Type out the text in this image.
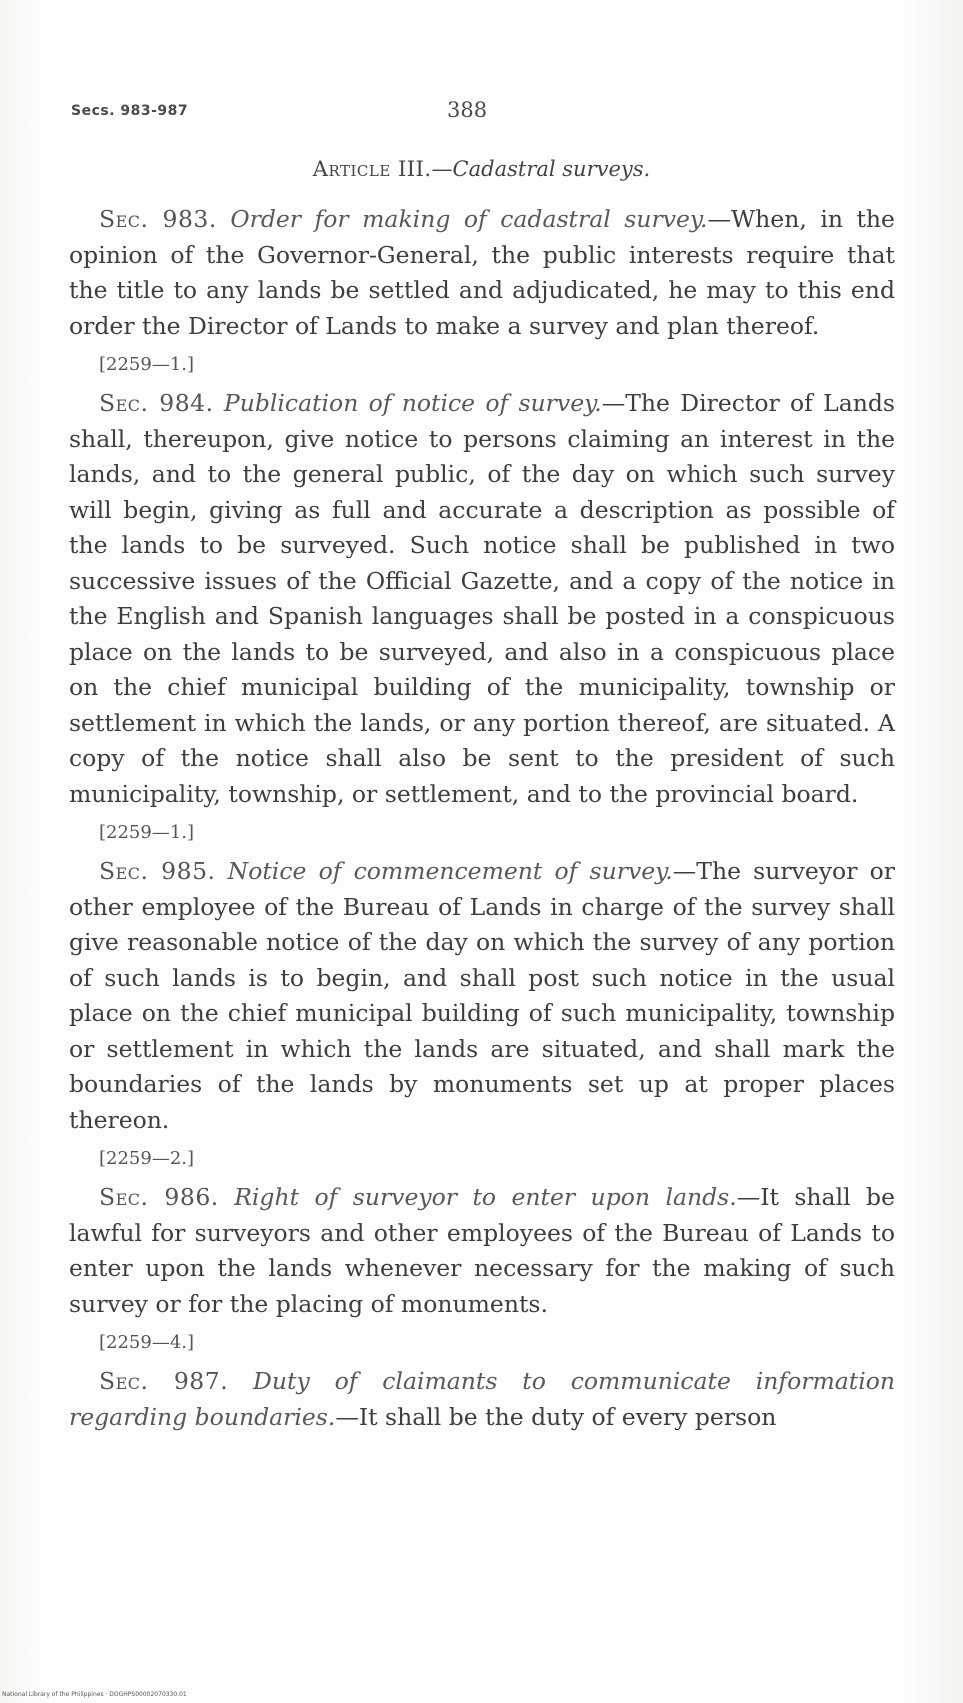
Secs. 983-987	388
Article III.—Cadastral surveys.

Sec. 983. Order for making of cadastral survey.—When, in the opinion of the Governor-General, the public interests require that the title to any lands be settled and adjudicated, he may to this end order the Director of Lands to make a survey and plan thereof.

[2259—1.]

Sec. 984. Publication of notice of survey.—The Director of Lands shall, thereupon, give notice to persons claiming an interest in the lands, and to the general public, of the day on which such survey will begin, giving as full and accurate a description as possible of the lands to be surveyed. Such notice shall be published in two successive issues of the Official Gazette, and a copy of the notice in the English and Spanish languages shall be posted in a conspicuous place on the lands to be surveyed, and also in a conspicuous place on the chief municipal building of the municipality, township or settlement in which the lands, or any portion thereof, are situated. A copy of the notice shall also be sent to the president of such municipality, township, or settlement, and to the provincial board.

[2259—1.]

Sec. 985. Notice of commencement of survey.—The surveyor or other employee of the Bureau of Lands in charge of the survey shall give reasonable notice of the day on which the survey of any portion of such lands is to begin, and shall post such notice in the usual place on the chief municipal building of such municipality, township or settlement in which the lands are situated, and shall mark the boundaries of the lands by monuments set up at proper places thereon.

[2259—2.]

Sec. 986. Right of surveyor to enter upon lands.—It shall be lawful for surveyors and other employees of the Bureau of Lands to enter upon the lands whenever necessary for the making of such survey or for the placing of monuments.

[2259—4.]

Sec. 987. Duty of claimants to communicate information regarding boundaries.—It shall be the duty of every person

National Library of the Philippines · DOGHPS00002070330.01
